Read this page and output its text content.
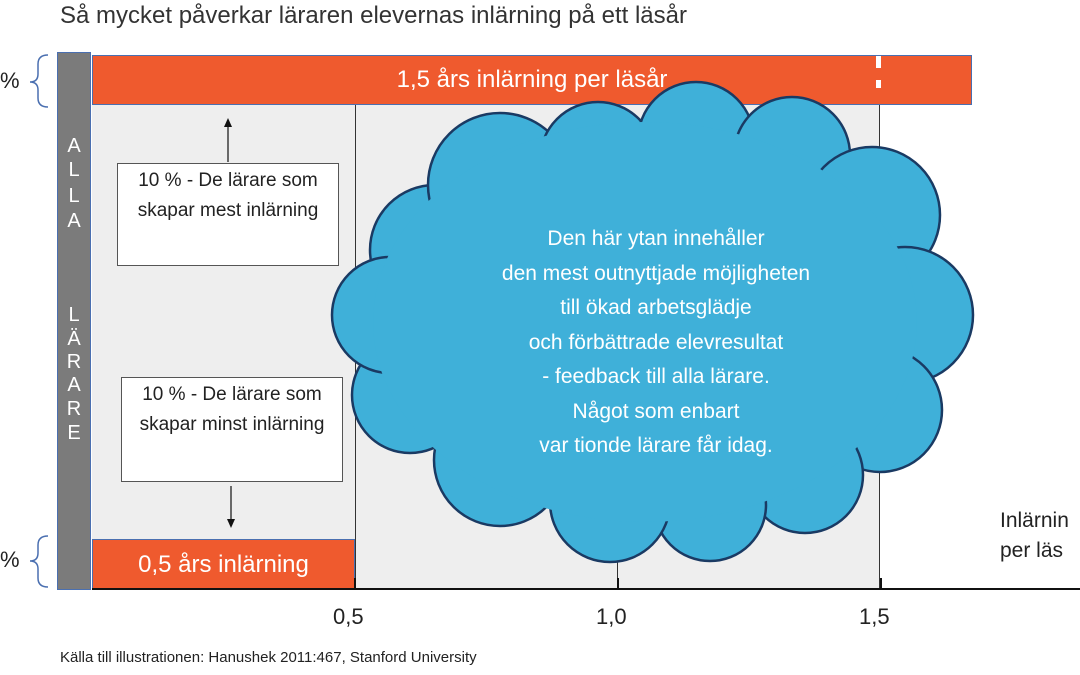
Så mycket påverkar läraren elevernas inlärning på ett läsår
%
%
A
L
L
A
L
Ä
R
A
R
E
1,5 års inlärning per läsår
0,5 års inlärning
10 % - De lärare som skapar mest inlärning
10 % - De lärare som skapar minst inlärning
Den här ytan innehåller
den mest outnyttjade möjligheten
till ökad arbetsglädje
och förbättrade elevresultat
- feedback till alla lärare.
Något som enbart
var tionde lärare får idag.
0,5	1,0	1,5
Inlärnin
per läs
Källa till illustrationen: Hanushek 2011:467, Stanford University
